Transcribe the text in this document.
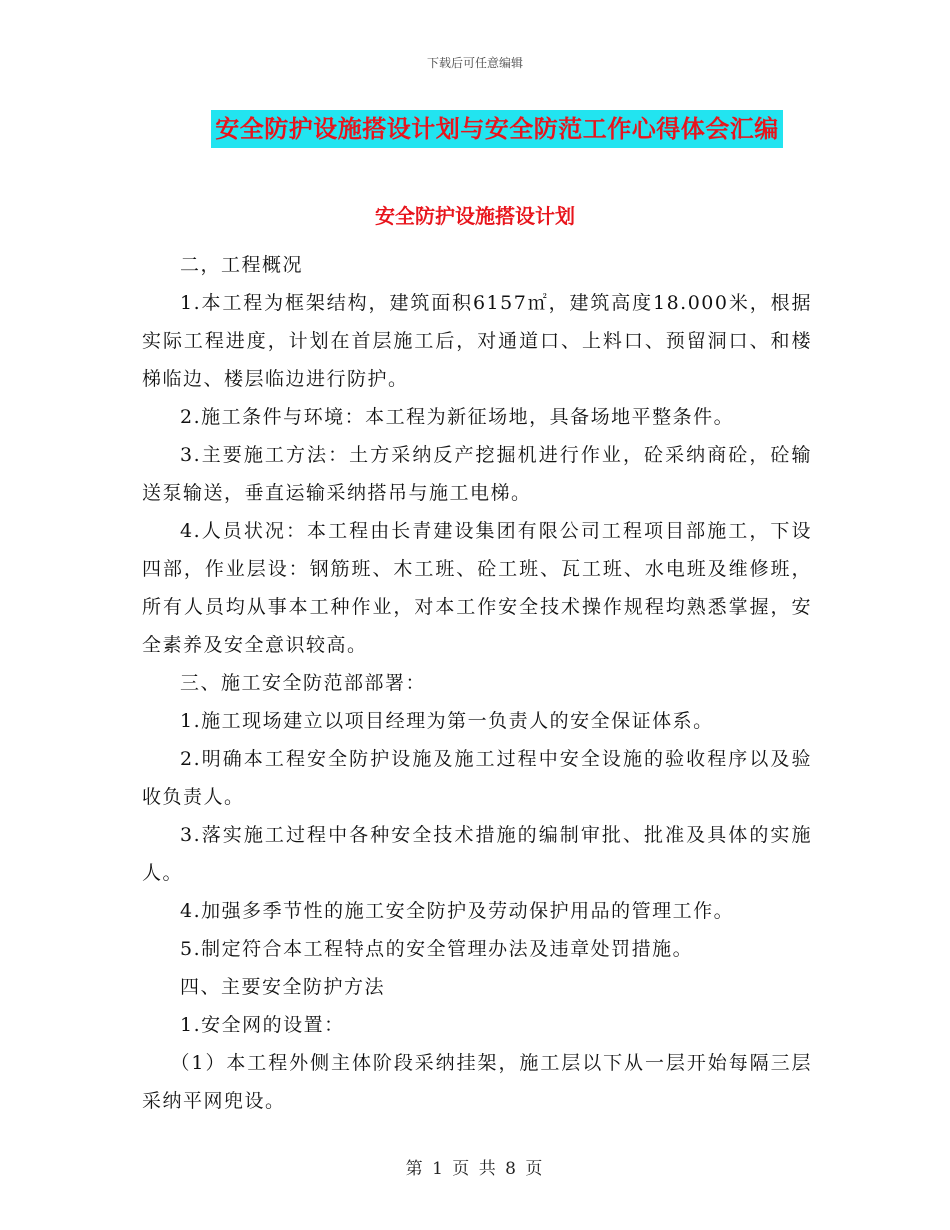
下载后可任意编辑
安全防护设施搭设计划与安全防范工作心得体会汇编
安全防护设施搭设计划

二，工程概况

1.本工程为框架结构，建筑面积6157㎡，建筑高度18.000米，根据实际工程进度，计划在首层施工后，对通道口、上料口、预留洞口、和楼梯临边、楼层临边进行防护。

2.施工条件与环境：本工程为新征场地，具备场地平整条件。

3.主要施工方法：土方采纳反产挖掘机进行作业，砼采纳商砼，砼输送泵输送，垂直运输采纳搭吊与施工电梯。

4.人员状况：本工程由长青建设集团有限公司工程项目部施工，下设四部，作业层设：钢筋班、木工班、砼工班、瓦工班、水电班及维修班，所有人员均从事本工种作业，对本工作安全技术操作规程均熟悉掌握，安全素养及安全意识较高。

三、施工安全防范部部署：

1.施工现场建立以项目经理为第一负责人的安全保证体系。

2.明确本工程安全防护设施及施工过程中安全设施的验收程序以及验收负责人。

3.落实施工过程中各种安全技术措施的编制审批、批准及具体的实施人。

4.加强多季节性的施工安全防护及劳动保护用品的管理工作。

5.制定符合本工程特点的安全管理办法及违章处罚措施。

四、主要安全防护方法

1.安全网的设置：

（1）本工程外侧主体阶段采纳挂架，施工层以下从一层开始每隔三层采纳平网兜设。

第 1 页 共 8 页
